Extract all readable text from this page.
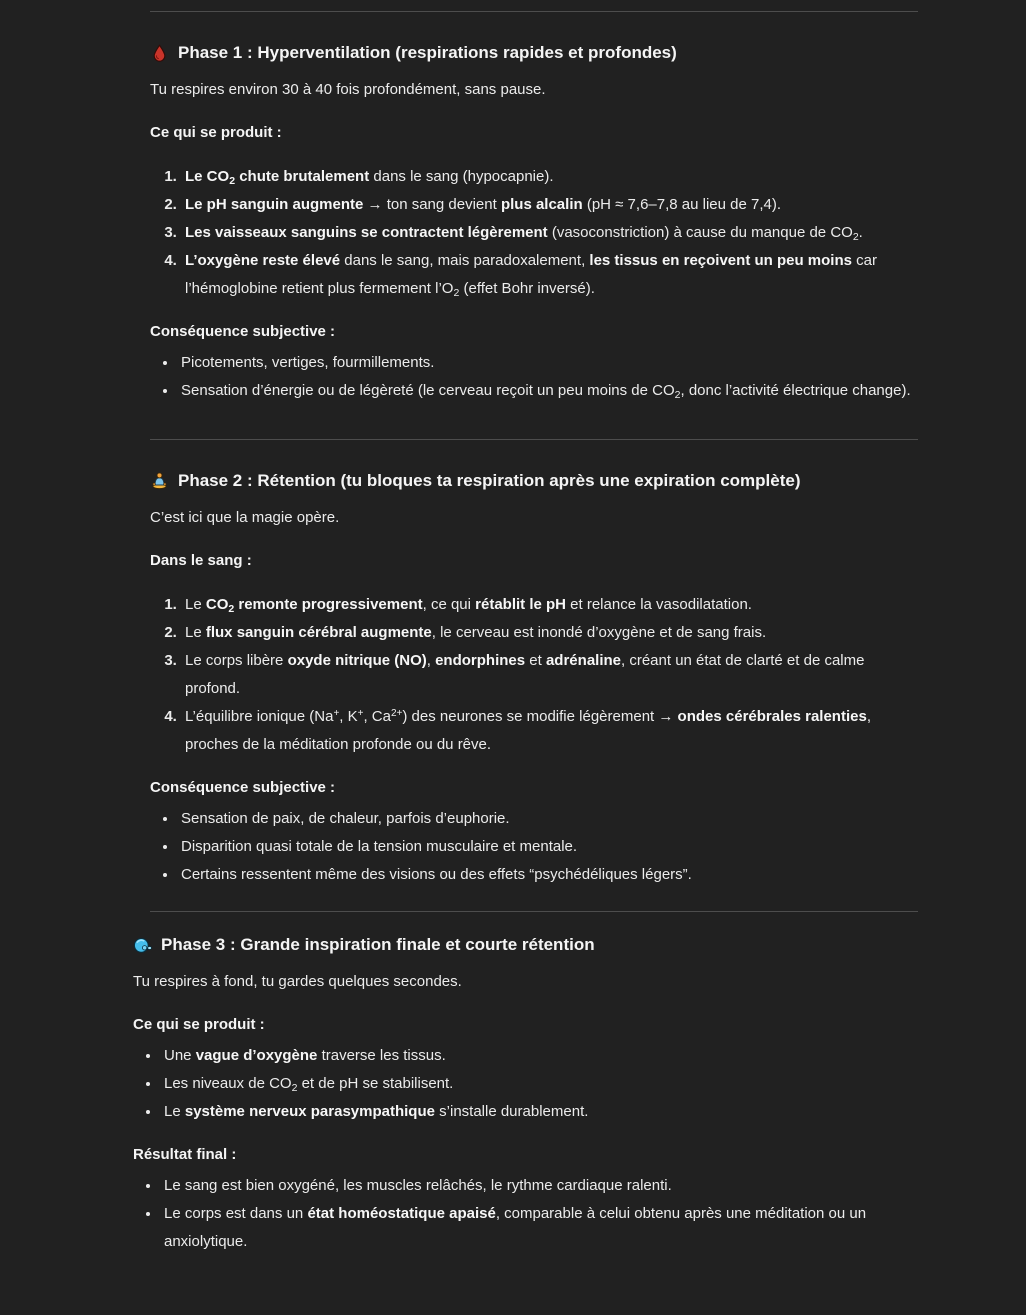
Phase 1 : Hyperventilation (respirations rapides et profondes)

Tu respires environ 30 à 40 fois profondément, sans pause.

Ce qui se produit :

1. Le $CO_2$ chute brutalement dans le sang (hypocapnie).
2. Le pH sanguin augmente → ton sang devient plus alcalin (pH ≈ 7,6–7,8 au lieu de 7,4).
3. Les vaisseaux sanguins se contractent légèrement (vasoconstriction) à cause du manque de $CO_2$.
4. L’oxygène reste élevé dans le sang, mais paradoxalement, les tissus en reçoivent un peu moins car l’hémoglobine retient plus fermement $l’O_2$ (effet Bohr inversé).

Conséquence subjective :

Picotements, vertiges, fourmillements.
Sensation d’énergie ou de légèreté (le cerveau reçoit un peu moins de $CO_2$, donc l’activité électrique change).
Phase 2 : Rétention (tu bloques ta respiration après une expiration complète)

C’est ici que la magie opère.

Dans le sang :

1. Le $CO_2$ remonte progressivement, ce qui rétablit le pH et relance la vasodilatation.
2. Le flux sanguin cérébral augmente, le cerveau est inondé d’oxygène et de sang frais.
3. Le corps libère oxyde nitrique (NO), endorphines et adrénaline, créant un état de clarté et de calme profond.
4. L’équilibre ionique (Na+, K+, $Ca^{2+}$) des neurones se modifie légèrement → ondes cérébrales ralenties, proches de la méditation profonde ou du rêve.

Conséquence subjective :

Sensation de paix, de chaleur, parfois d’euphorie.
Disparition quasi totale de la tension musculaire et mentale.
Certains ressentent même des visions ou des effets “psychédéliques légers”.
Phase 3 : Grande inspiration finale et courte rétention

Tu respires à fond, tu gardes quelques secondes.

Ce qui se produit :

Une vague d’oxygène traverse les tissus.
Les niveaux de $CO_2$ et de pH se stabilisent.
Le système nerveux parasympathique s’installe durablement.

Résultat final :

Le sang est bien oxygéné, les muscles relâchés, le rythme cardiaque ralenti.
Le corps est dans un état homéostatique apaisé, comparable à celui obtenu après une méditation ou un anxiolytique.
